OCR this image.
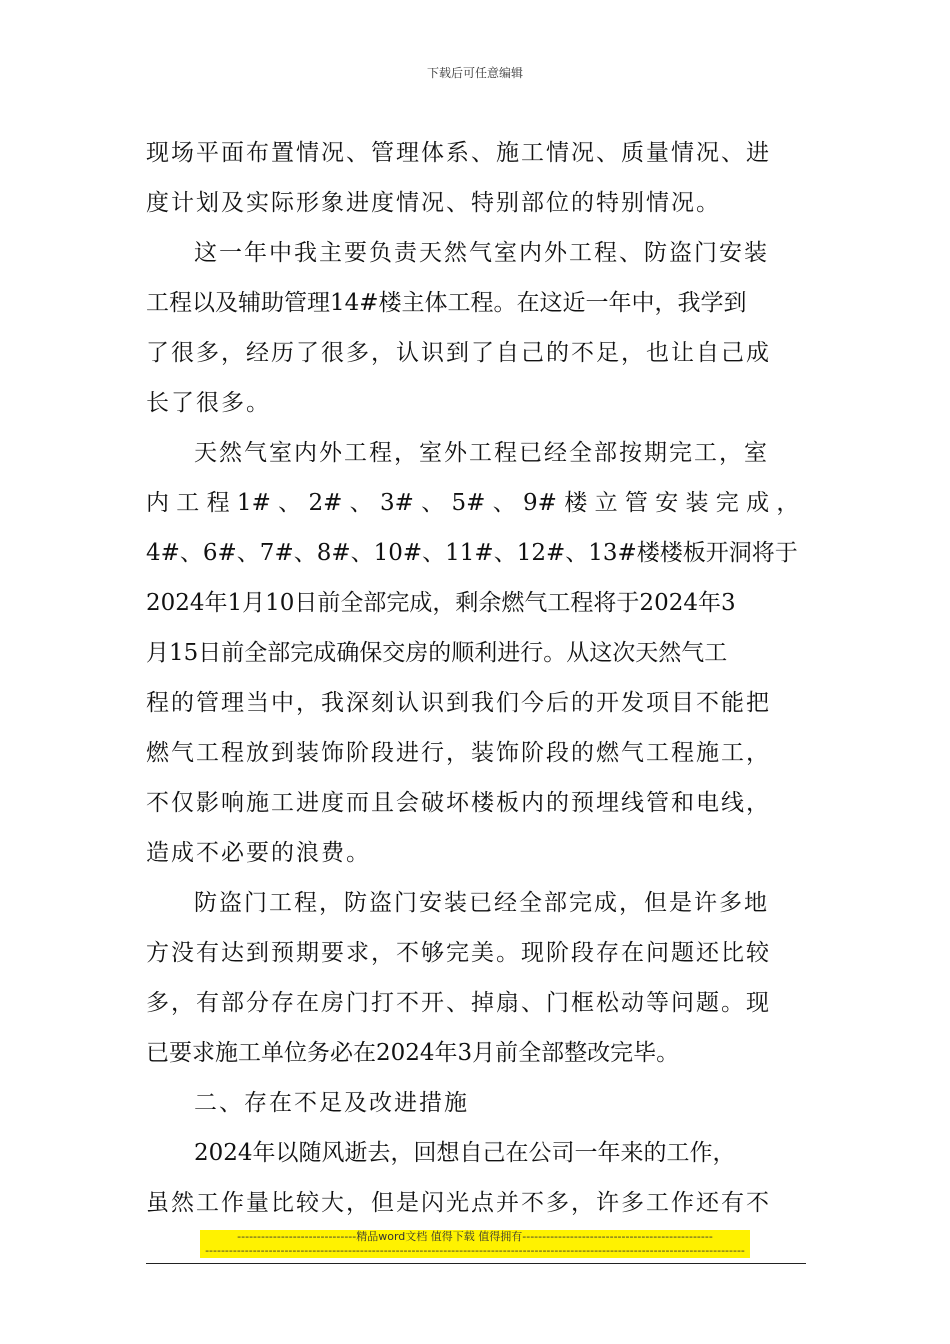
下载后可任意编辑
现场平面布置情况、管理体系、施工情况、质量情况、进
度计划及实际形象进度情况、特别部位的特别情况。
这一年中我主要负责天然气室内外工程、防盗门安装
工程以及辅助管理14#楼主体工程。在这近一年中，我学到
了很多，经历了很多，认识到了自己的不足，也让自己成
长了很多。
天然气室内外工程，室外工程已经全部按期完工，室
内 工 程 1# 、 2# 、 3# 、 5# 、 9# 楼 立 管 安 装 完 成 ，
4#、6#、7#、8#、10#、11#、12#、13#楼楼板开洞将于
2024年1月10日前全部完成，剩余燃气工程将于2024年3
月15日前全部完成确保交房的顺利进行。从这次天然气工
程的管理当中，我深刻认识到我们今后的开发项目不能把
燃气工程放到装饰阶段进行，装饰阶段的燃气工程施工，
不仅影响施工进度而且会破坏楼板内的预埋线管和电线，
造成不必要的浪费。
防盗门工程，防盗门安装已经全部完成，但是许多地
方没有达到预期要求，不够完美。现阶段存在问题还比较
多，有部分存在房门打不开、掉扇、门框松动等问题。现
已要求施工单位务必在2024年3月前全部整改完毕。
二、存在不足及改进措施
2024年以随风逝去，回想自己在公司一年来的工作，
虽然工作量比较大，但是闪光点并不多，许多工作还有不
------------------------------精品word文档 值得下载 值得拥有------------------------------------------------
----------------------------------------------------------------------------------------------------------------------------------------
